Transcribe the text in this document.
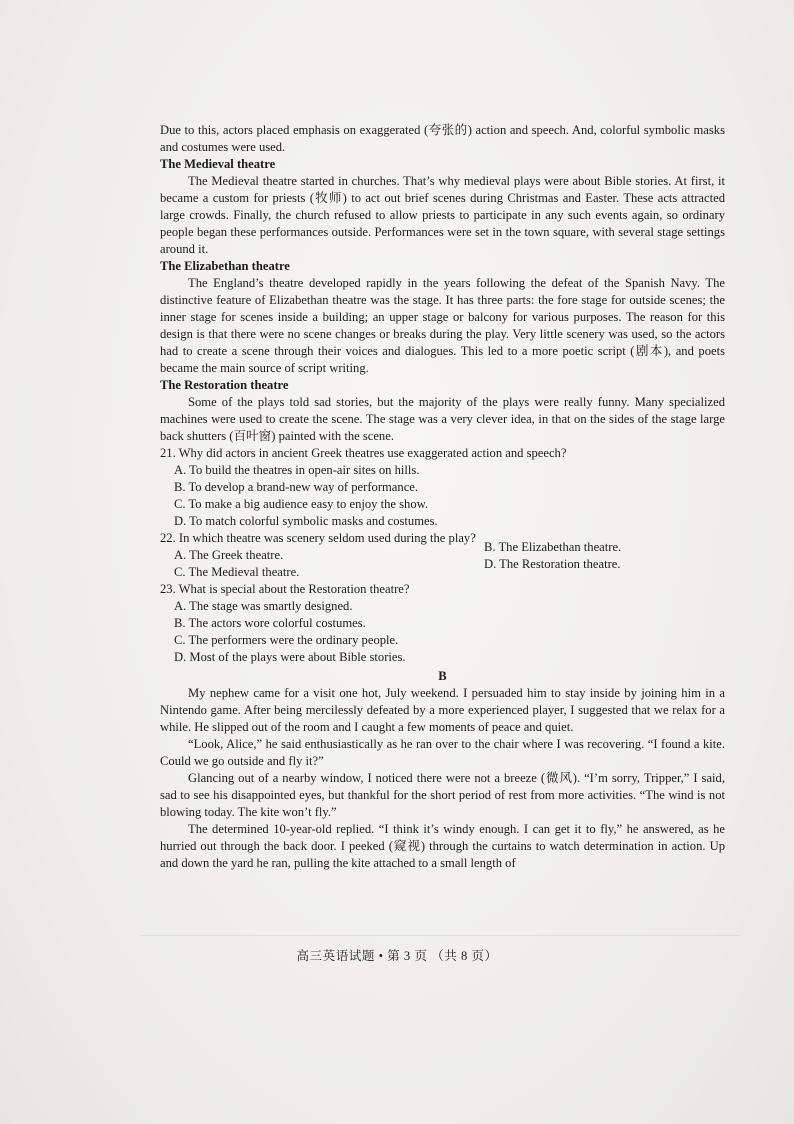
Due to this, actors placed emphasis on exaggerated (夸张的) action and speech. And, colorful symbolic masks and costumes were used.

The Medieval theatre

The Medieval theatre started in churches. That’s why medieval plays were about Bible stories. At first, it became a custom for priests (牧师) to act out brief scenes during Christmas and Easter. These acts attracted large crowds. Finally, the church refused to allow priests to participate in any such events again, so ordinary people began these performances outside. Performances were set in the town square, with several stage settings around it.

The Elizabethan theatre

The England’s theatre developed rapidly in the years following the defeat of the Spanish Navy. The distinctive feature of Elizabethan theatre was the stage. It has three parts: the fore stage for outside scenes; the inner stage for scenes inside a building; an upper stage or balcony for various purposes. The reason for this design is that there were no scene changes or breaks during the play. Very little scenery was used, so the actors had to create a scene through their voices and dialogues. This led to a more poetic script (剧本), and poets became the main source of script writing.

The Restoration theatre

Some of the plays told sad stories, but the majority of the plays were really funny. Many specialized machines were used to create the scene. The stage was a very clever idea, in that on the sides of the stage large back shutters (百叶窗) painted with the scene.

21. Why did actors in ancient Greek theatres use exaggerated action and speech?

A. To build the theatres in open-air sites on hills.

B. To develop a brand-new way of performance.

C. To make a big audience easy to enjoy the show.

D. To match colorful symbolic masks and costumes.

22. In which theatre was scenery seldom used during the play?

A. The Greek theatre.
B. The Elizabethan theatre.
C. The Medieval theatre.
D. The Restoration theatre.

23. What is special about the Restoration theatre?

A. The stage was smartly designed.

B. The actors wore colorful costumes.

C. The performers were the ordinary people.

D. Most of the plays were about Bible stories.

B

My nephew came for a visit one hot, July weekend. I persuaded him to stay inside by joining him in a Nintendo game. After being mercilessly defeated by a more experienced player, I suggested that we relax for a while. He slipped out of the room and I caught a few moments of peace and quiet.

“Look, Alice,” he said enthusiastically as he ran over to the chair where I was recovering. “I found a kite. Could we go outside and fly it?”

Glancing out of a nearby window, I noticed there were not a breeze (微风). “I’m sorry, Tripper,” I said, sad to see his disappointed eyes, but thankful for the short period of rest from more activities. “The wind is not blowing today. The kite won’t fly.”

The determined 10-year-old replied. “I think it’s windy enough. I can get it to fly,” he answered, as he hurried out through the back door. I peeked (窥视) through the curtains to watch determination in action. Up and down the yard he ran, pulling the kite attached to a small length of

高三英语试题 • 第 3 页 （共 8 页）
